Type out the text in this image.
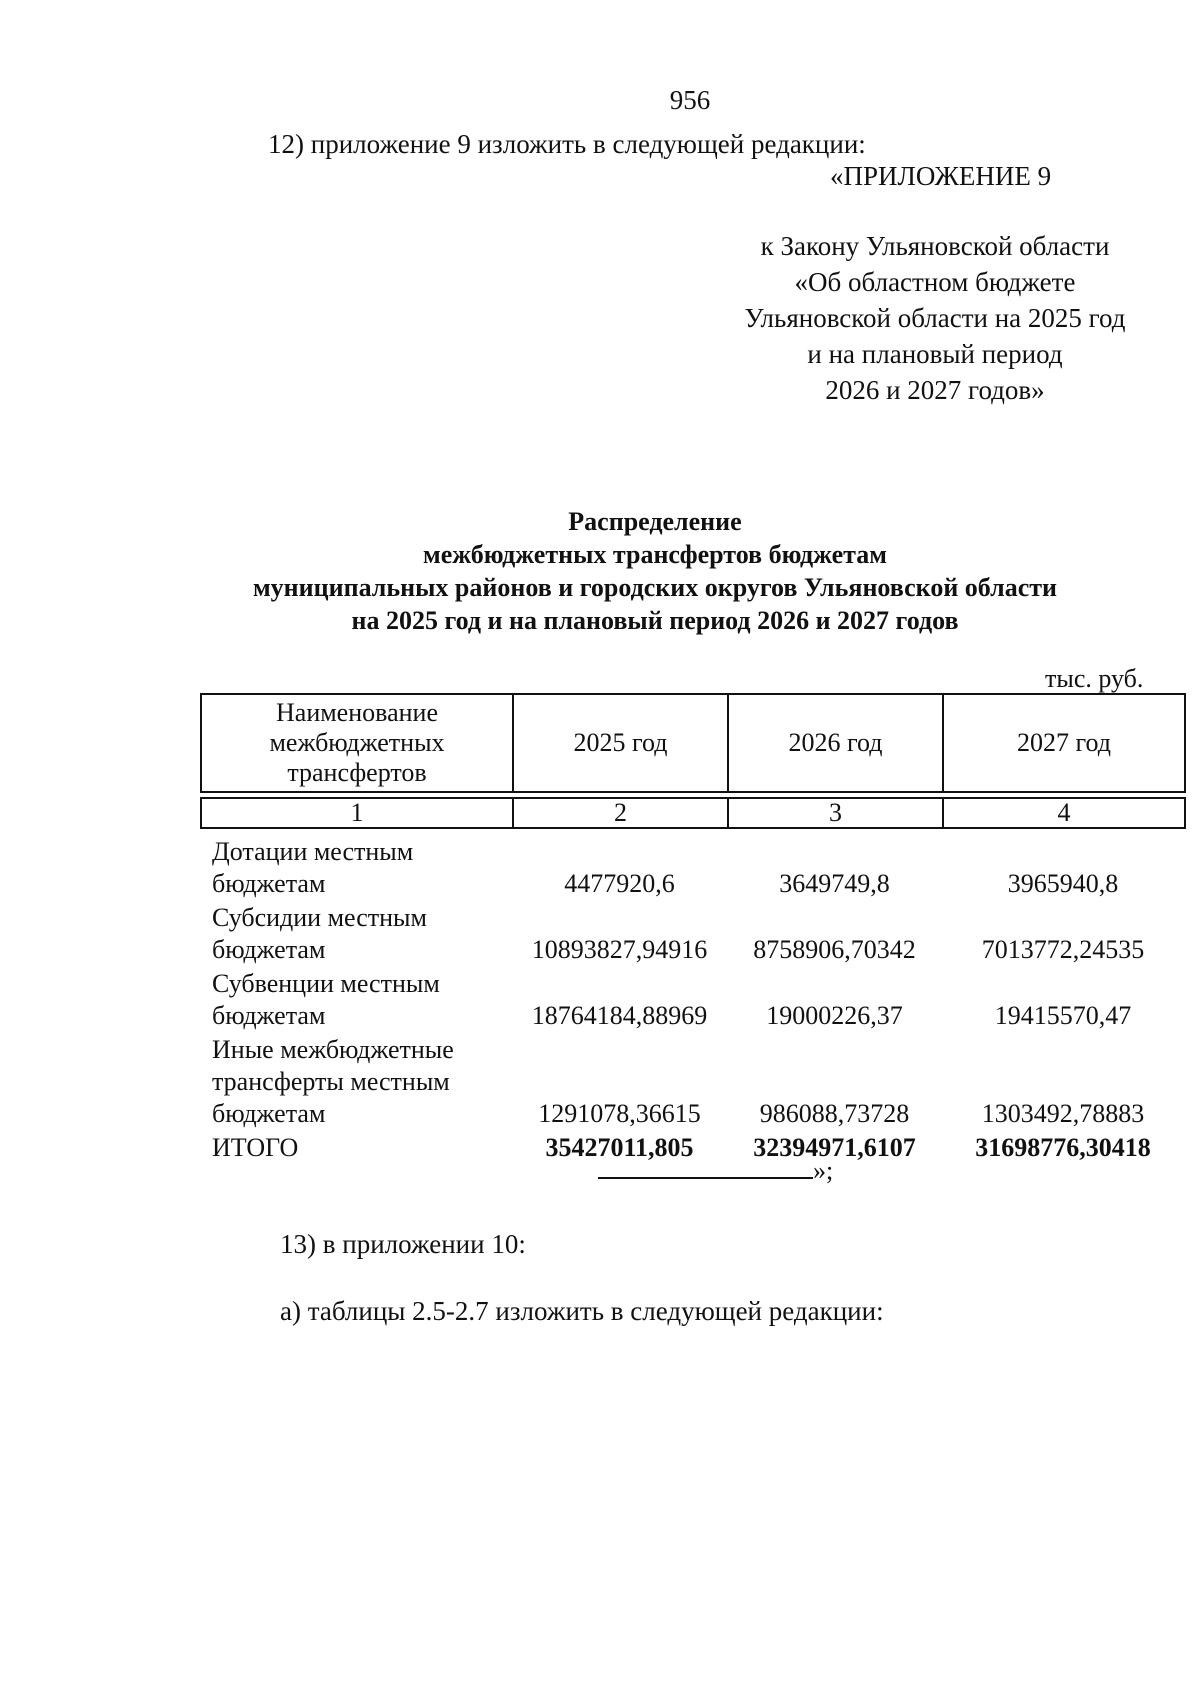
956
12) приложение 9 изложить в следующей редакции:
«ПРИЛОЖЕНИЕ 9
к Закону Ульяновской области
«Об областном бюджете
Ульяновской области на 2025 год
и на плановый период
2026 и 2027 годов»
Распределение
межбюджетных трансфертов бюджетам
муниципальных районов и городских округов Ульяновской области
на 2025 год и на плановый период 2026 и 2027 годов
тыс. руб.
Наименование межбюджетных трансфертов	2025 год	2026 год	2027 год

1	2	3	4
Дотации местным бюджетам	4477920,6	3649749,8	3965940,8
Субсидии местным бюджетам	10893827,94916	8758906,70342	7013772,24535
Субвенции местным бюджетам	18764184,88969	19000226,37	19415570,47
Иные межбюджетные трансферты местным бюджетам	1291078,36615	986088,73728	1303492,78883
ИТОГО	35427011,805	32394971,6107	31698776,30418
»;
13) в приложении 10:
а) таблицы 2.5-2.7 изложить в следующей редакции:
